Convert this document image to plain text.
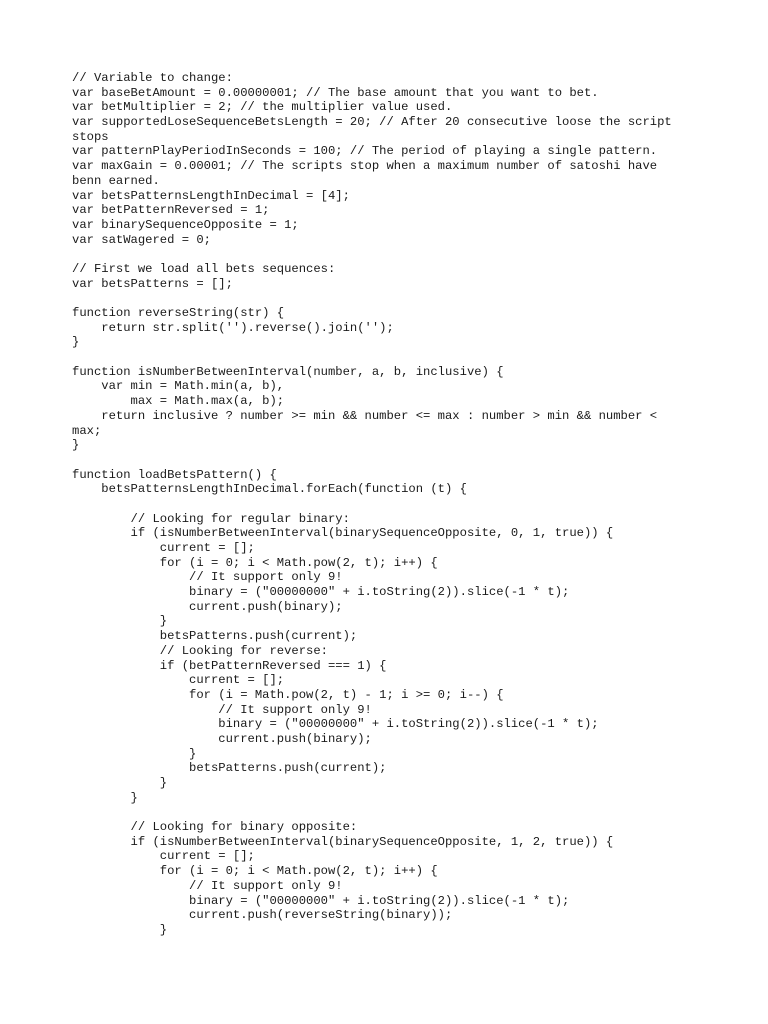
// Variable to change:
var baseBetAmount = 0.00000001; // The base amount that you want to bet.
var betMultiplier = 2; // the multiplier value used.
var supportedLoseSequenceBetsLength = 20; // After 20 consecutive loose the script
stops
var patternPlayPeriodInSeconds = 100; // The period of playing a single pattern.
var maxGain = 0.00001; // The scripts stop when a maximum number of satoshi have
benn earned.
var betsPatternsLengthInDecimal = [4];
var betPatternReversed = 1;
var binarySequenceOpposite = 1;
var satWagered = 0;
// First we load all bets sequences:
var betsPatterns = [];
function reverseString(str) {
return str.split('').reverse().join('');
}
function isNumberBetweenInterval(number, a, b, inclusive) {
var min = Math.min(a, b),
max = Math.max(a, b);
return inclusive ? number >= min && number <= max : number > min && number <
max;
}
function loadBetsPattern() {
betsPatternsLengthInDecimal.forEach(function (t) {
// Looking for regular binary:
if (isNumberBetweenInterval(binarySequenceOpposite, 0, 1, true)) {
current = [];
for (i = 0; i < Math.pow(2, t); i++) {
// It support only 9!
binary = ("00000000" + i.toString(2)).slice(-1 * t);
current.push(binary);
}
betsPatterns.push(current);
// Looking for reverse:
if (betPatternReversed === 1) {
current = [];
for (i = Math.pow(2, t) - 1; i >= 0; i--) {
// It support only 9!
binary = ("00000000" + i.toString(2)).slice(-1 * t);
current.push(binary);
}
betsPatterns.push(current);
}
}
// Looking for binary opposite:
if (isNumberBetweenInterval(binarySequenceOpposite, 1, 2, true)) {
current = [];
for (i = 0; i < Math.pow(2, t); i++) {
// It support only 9!
binary = ("00000000" + i.toString(2)).slice(-1 * t);
current.push(reverseString(binary));
}
